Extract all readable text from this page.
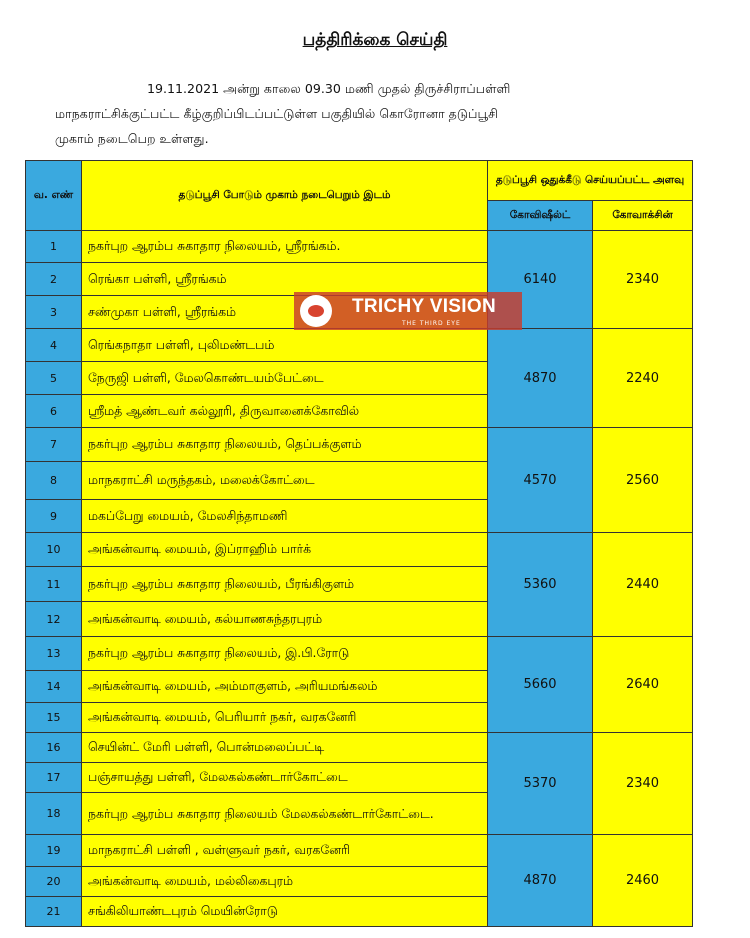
பத்திரிக்கை செய்தி
19.11.2021 அன்று காலை 09.30 மணி முதல் திருச்சிராப்பள்ளி
மாநகராட்சிக்குட்பட்ட கீழ்குறிப்பிடப்பட்டுள்ள பகுதியில் கொரோனா தடுப்பூசி
முகாம் நடைபெற உள்ளது.
வ. எண்	தடுப்பூசி போடும் முகாம் நடைபெறும் இடம்	தடுப்பூசி ஒதுக்கீடு செய்யப்பட்ட அளவு	
		கோவிஷீல்ட்	கோவாக்சின்
1	நகர்புற ஆரம்ப சுகாதார நிலையம், ஸ்ரீரங்கம்.	6140	2340
2	ரெங்கா பள்ளி, ஸ்ரீரங்கம்		
3	சண்முகா பள்ளி, ஸ்ரீரங்கம்		
4	ரெங்கநாதா பள்ளி, புலிமண்டபம்	4870	2240
5	நேருஜி பள்ளி, மேலகொண்டயம்பேட்டை		
6	ஸ்ரீமத் ஆண்டவர் கல்லூரி, திருவானைக்கோவில்		
7	நகர்புற ஆரம்ப சுகாதார நிலையம், தெப்பக்குளம்	4570	2560
8	மாநகராட்சி மருந்தகம், மலைக்கோட்டை		
9	மகப்பேறு மையம், மேலசிந்தாமணி		
10	அங்கன்வாடி மையம், இப்ராஹிம் பார்க்	5360	2440
11	நகர்புற ஆரம்ப சுகாதார நிலையம், பீரங்கிகுளம்		
12	அங்கன்வாடி மையம், கல்யாணசுந்தரபுரம்		
13	நகர்புற ஆரம்ப சுகாதார நிலையம், இ.பி.ரோடு	5660	2640
14	அங்கன்வாடி மையம், அம்மாகுளம், அரியமங்கலம்		
15	அங்கன்வாடி மையம், பெரியார் நகர், வரகனேரி		
16	செயின்ட் மேரி பள்ளி, பொன்மலைப்பட்டி	5370	2340
17	பஞ்சாயத்து பள்ளி, மேலகல்கண்டார்கோட்டை		
18	நகர்புற ஆரம்ப சுகாதார நிலையம் மேலகல்கண்டார்கோட்டை.		
19	மாநகராட்சி பள்ளி , வள்ளுவர் நகர், வரகனேரி	4870	2460
20	அங்கன்வாடி மையம், மல்லிகைபுரம்		
21	சங்கிலியாண்டபுரம் மெயின்ரோடு		
TRICHY VISION
THE THIRD EYE
